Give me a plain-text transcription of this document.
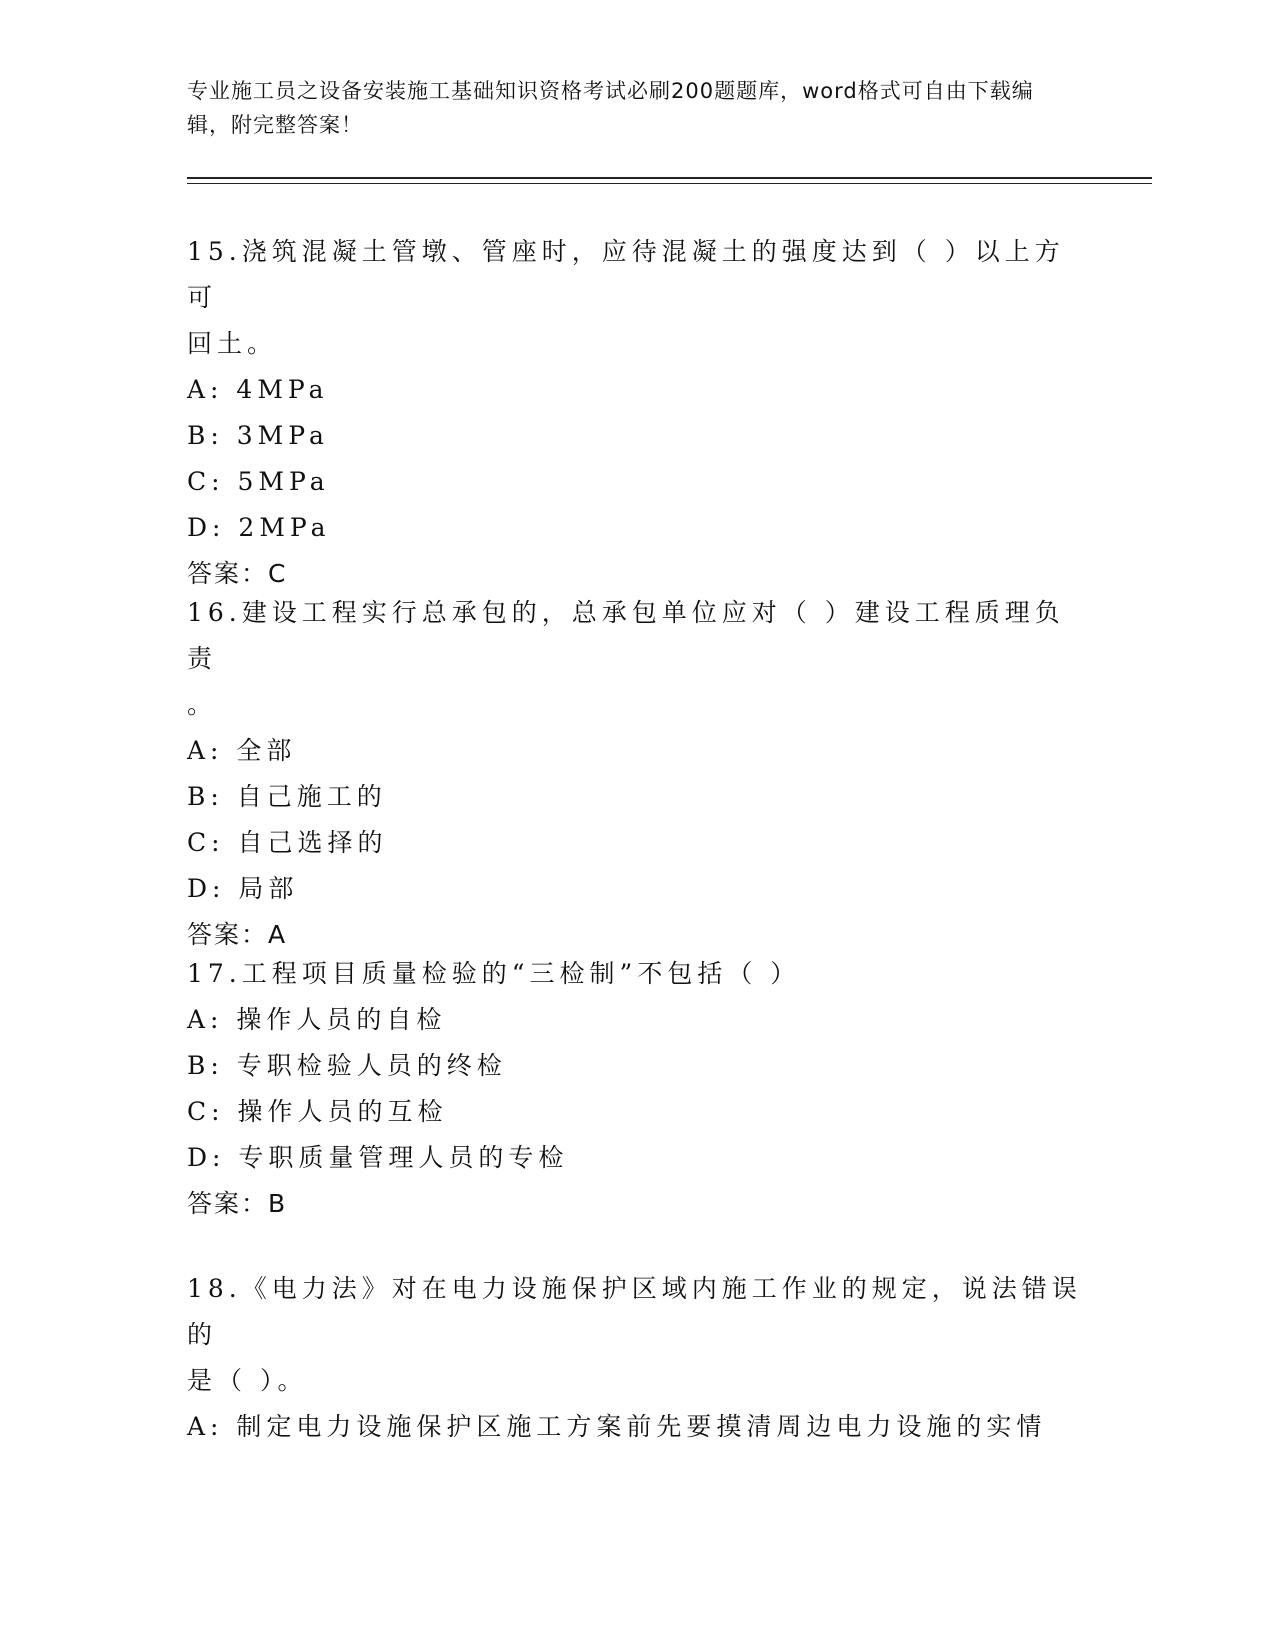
专业施工员之设备安装施工基础知识资格考试必刷200题题库，word格式可自由下载编辑，附完整答案！
15.浇筑混凝土管墩、管座时，应待混凝土的强度达到（ ）以上方可
回土。
A: 4MPa
B: 3MPa
C: 5MPa
D: 2MPa
答案：C
16.建设工程实行总承包的，总承包单位应对（ ）建设工程质理负责
。
A: 全部
B: 自己施工的
C: 自己选择的
D: 局部
答案：A
17.工程项目质量检验的“三检制”不包括（ ）
A: 操作人员的自检
B: 专职检验人员的终检
C: 操作人员的互检
D: 专职质量管理人员的专检
答案：B
18.《电力法》对在电力设施保护区域内施工作业的规定，说法错误的
是（ ）。
A: 制定电力设施保护区施工方案前先要摸清周边电力设施的实情
